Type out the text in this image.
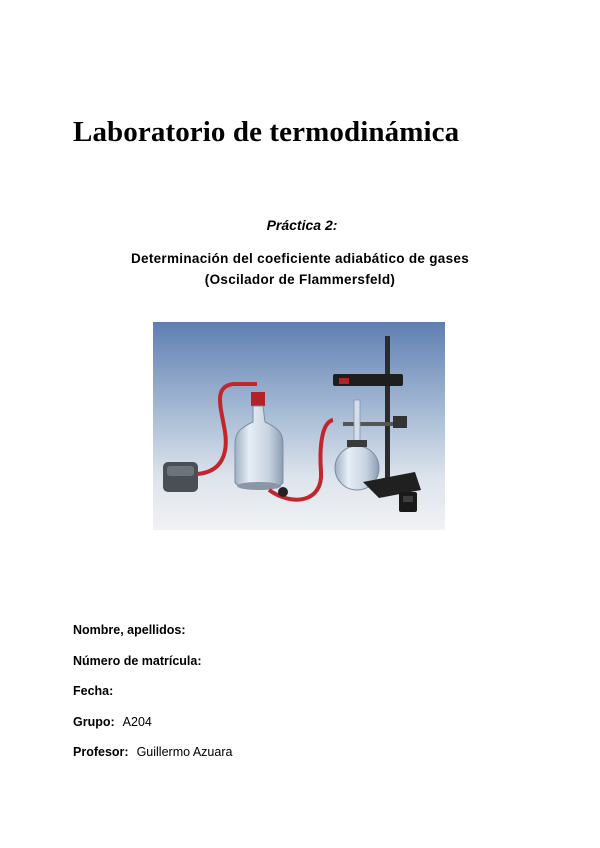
Laboratorio de termodinámica
Práctica 2:
Determinación del coeficiente adiabático de gases
(Oscilador de Flammersfeld)
Nombre, apellidos:
Número de matrícula:
Fecha:
Grupo: A204
Profesor: Guillermo Azuara
